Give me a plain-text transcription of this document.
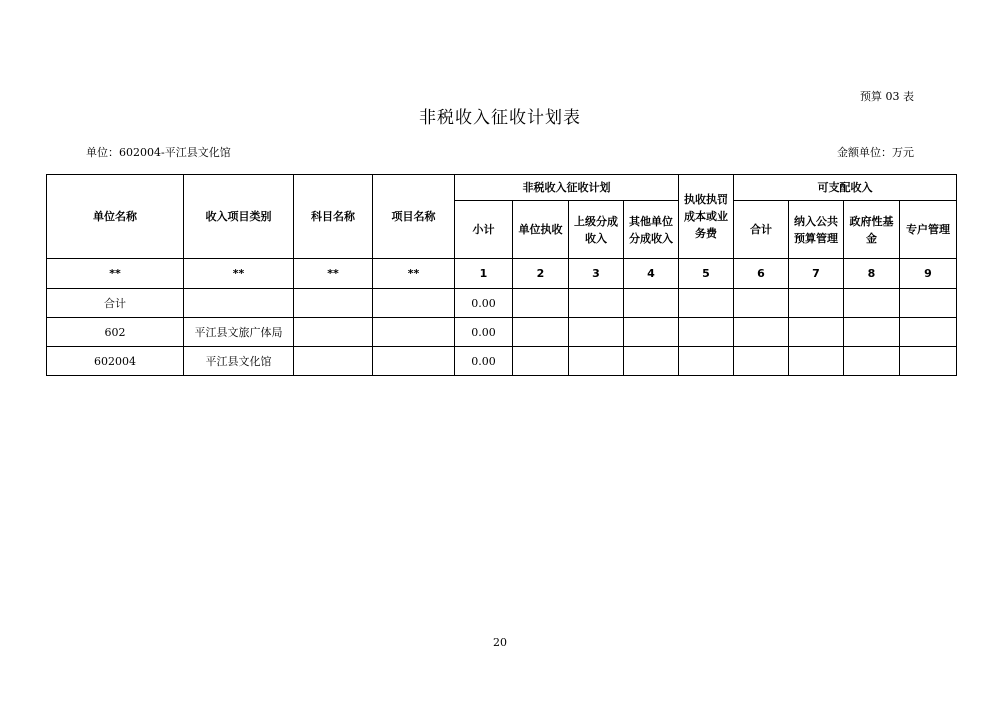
预算 03 表
非税收入征收计划表
单位：602004-平江县文化馆	金额单位：万元
单位名称	收入项目类别	科目名称	项目名称	非税收入征收计划				执收执罚成本或业务费	可支配收入			
				小计	单位执收	上级分成收入	其他单位分成收入		合计	纳入公共预算管理	政府性基金	专户管理
**	**	**	**	1	2	3	4	5	6	7	8	9
合计				0.00								
602	平江县文旅广体局			0.00								
602004	平江县文化馆			0.00								
20
